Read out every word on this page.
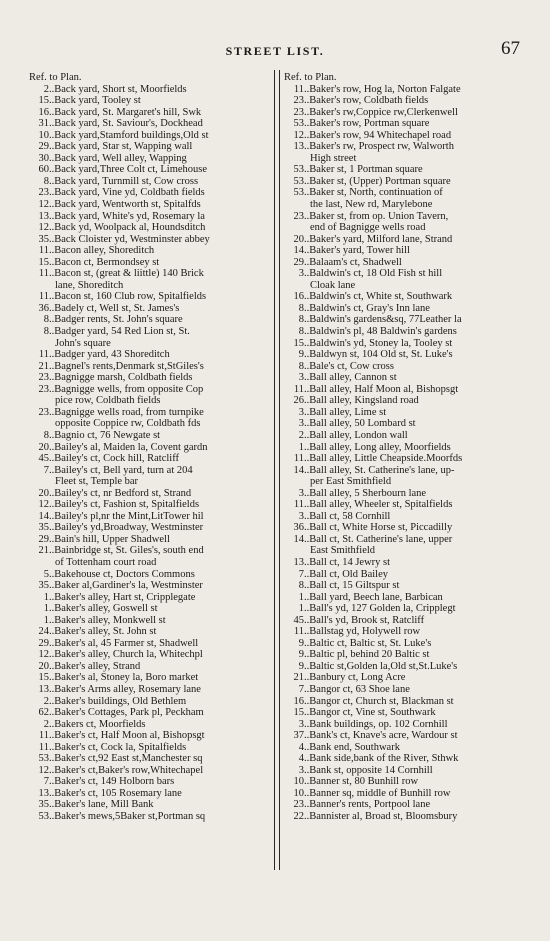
STREET LIST.	67
Ref. to Plan.
2..Back yard, Short st, Moorfields
15..Back yard, Tooley st
16..Back yard, St. Margaret's hill, Swk
31..Back yard, St. Saviour's, Dockhead
10..Back yard,Stamford buildings,Old st
29..Back yard, Star st, Wapping wall
30..Back yard, Well alley, Wapping
60..Back yard,Three Colt ct, Limehouse
8..Back yard, Turnmill st, Cow cross
23..Back yard, Vine yd, Coldbath fields
12..Back yard, Wentworth st, Spitalfds
13..Back yard, White's yd, Rosemary la
12..Back yd, Woolpack al, Houndsditch
35..Back Cloister yd, Westminster abbey
11..Bacon alley, Shoreditch
15..Bacon ct, Bermondsey st
11..Bacon st, (great & liittle) 140 Brick
lane, Shoreditch
11..Bacon st, 160 Club row, Spitalfields
36..Badely ct, Well st, St. James's
8..Badger rents, St. John's square
8..Badger yard, 54 Red Lion st, St.
John's square
11..Badger yard, 43 Shoreditch
21..Bagnel's rents,Denmark st,StGiles's
23..Bagnigge marsh, Coldbath fields
23..Bagnigge wells, from opposite Cop
pice row, Coldbath fields
23..Bagnigge wells road, from turnpike
opposite Coppice rw, Coldbath fds
8..Bagnio ct, 76 Newgate st
20..Bailey's al, Maiden la, Covent gardn
45..Bailey's ct, Cock hill, Ratcliff
7..Bailey's ct, Bell yard, turn at 204
Fleet st, Temple bar
20..Bailey's ct, nr Bedford st, Strand
12..Bailey's ct, Fashion st, Spitalfields
14..Bailey's pl,nr the Mint,LitTower hil
35..Bailey's yd,Broadway, Westminster
29..Bain's hill, Upper Shadwell
21..Bainbridge st, St. Giles's, south end
of Tottenham court road
5..Bakehouse ct, Doctors Commons
35..Baker al,Gardiner's la, Westminster
1..Baker's alley, Hart st, Cripplegate
1..Baker's alley, Goswell st
1..Baker's alley, Monkwell st
24..Baker's alley, St. John st
29..Baker's al, 45 Farmer st, Shadwell
12..Baker's alley, Church la, Whitechpl
20..Baker's alley, Strand
15..Baker's al, Stoney la, Boro market
13..Baker's Arms alley, Rosemary lane
2..Baker's buildings, Old Bethlem
62..Baker's Cottages, Park pl, Peckham
2..Bakers ct, Moorfields
11..Baker's ct, Half Moon al, Bishopsgt
11..Baker's ct, Cock la, Spitalfields
53..Baker's ct,92 East st,Manchester sq
12..Baker's ct,Baker's row,Whitechapel
7..Baker's ct, 149 Holborn bars
13..Baker's ct, 105 Rosemary lane
35..Baker's lane, Mill Bank
53..Baker's mews,5Baker st,Portman sq
Ref. to Plan.
11..Baker's row, Hog la, Norton Falgate
23..Baker's row, Coldbath fields
23..Baker's rw,Coppice rw,Clerkenwell
53..Baker's row, Portman square
12..Baker's row, 94 Whitechapel road
13..Baker's rw, Prospect rw, Walworth
High street
53..Baker st, 1 Portman square
53..Baker st, (Upper) Portman square
53..Baker st, North, continuation of
the last, New rd, Marylebone
23..Baker st, from op. Union Tavern,
end of Bagnigge wells road
20..Baker's yard, Milford lane, Strand
14..Baker's yard, Tower hill
29..Balaam's ct, Shadwell
3..Baldwin's ct, 18 Old Fish st hill
Cloak lane
16..Baldwin's ct, White st, Southwark
8..Baldwin's ct, Gray's Inn lane
8..Baldwin's gardens&sq, 77Leather la
8..Baldwin's pl, 48 Baldwin's gardens
15..Baldwin's yd, Stoney la, Tooley st
9..Baldwyn st, 104 Old st, St. Luke's
8..Bale's ct, Cow cross
3..Ball alley, Cannon st
11..Ball alley, Half Moon al, Bishopsgt
26..Ball alley, Kingsland road
3..Ball alley, Lime st
3..Ball alley, 50 Lombard st
2..Ball alley, London wall
1..Ball alley, Long alley, Moorfields
11..Ball alley, Little Cheapside.Moorfds
14..Ball alley, St. Catherine's lane, up-
per East Smithfield
3..Ball alley, 5 Sherbourn lane
11..Ball alley, Wheeler st, Spitalfields
3..Ball ct, 58 Cornhill
36..Ball ct, White Horse st, Piccadilly
14..Ball ct, St. Catherine's lane, upper
East Smithfield
13..Ball ct, 14 Jewry st
7..Ball ct, Old Bailey
8..Ball ct, 15 Giltspur st
1..Ball yard, Beech lane, Barbican
1..Ball's yd, 127 Golden la, Cripplegt
45..Ball's yd, Brook st, Ratcliff
11..Ballstag yd, Holywell row
9..Baltic ct, Baltic st, St. Luke's
9..Baltic pl, behind 20 Baltic st
9..Baltic st,Golden la,Old st,St.Luke's
21..Banbury ct, Long Acre
7..Bangor ct, 63 Shoe lane
16..Bangor ct, Church st, Blackman st
15..Bangor ct, Vine st, Southwark
3..Bank buildings, op. 102 Cornhill
37..Bank's ct, Knave's acre, Wardour st
4..Bank end, Southwark
4..Bank side,bank of the River, Sthwk
3..Bank st, opposite 14 Cornhill
10..Banner st, 80 Bunhill row
10..Banner sq, middle of Bunhill row
23..Banner's rents, Portpool lane
22..Bannister al, Broad st, Bloomsbury
